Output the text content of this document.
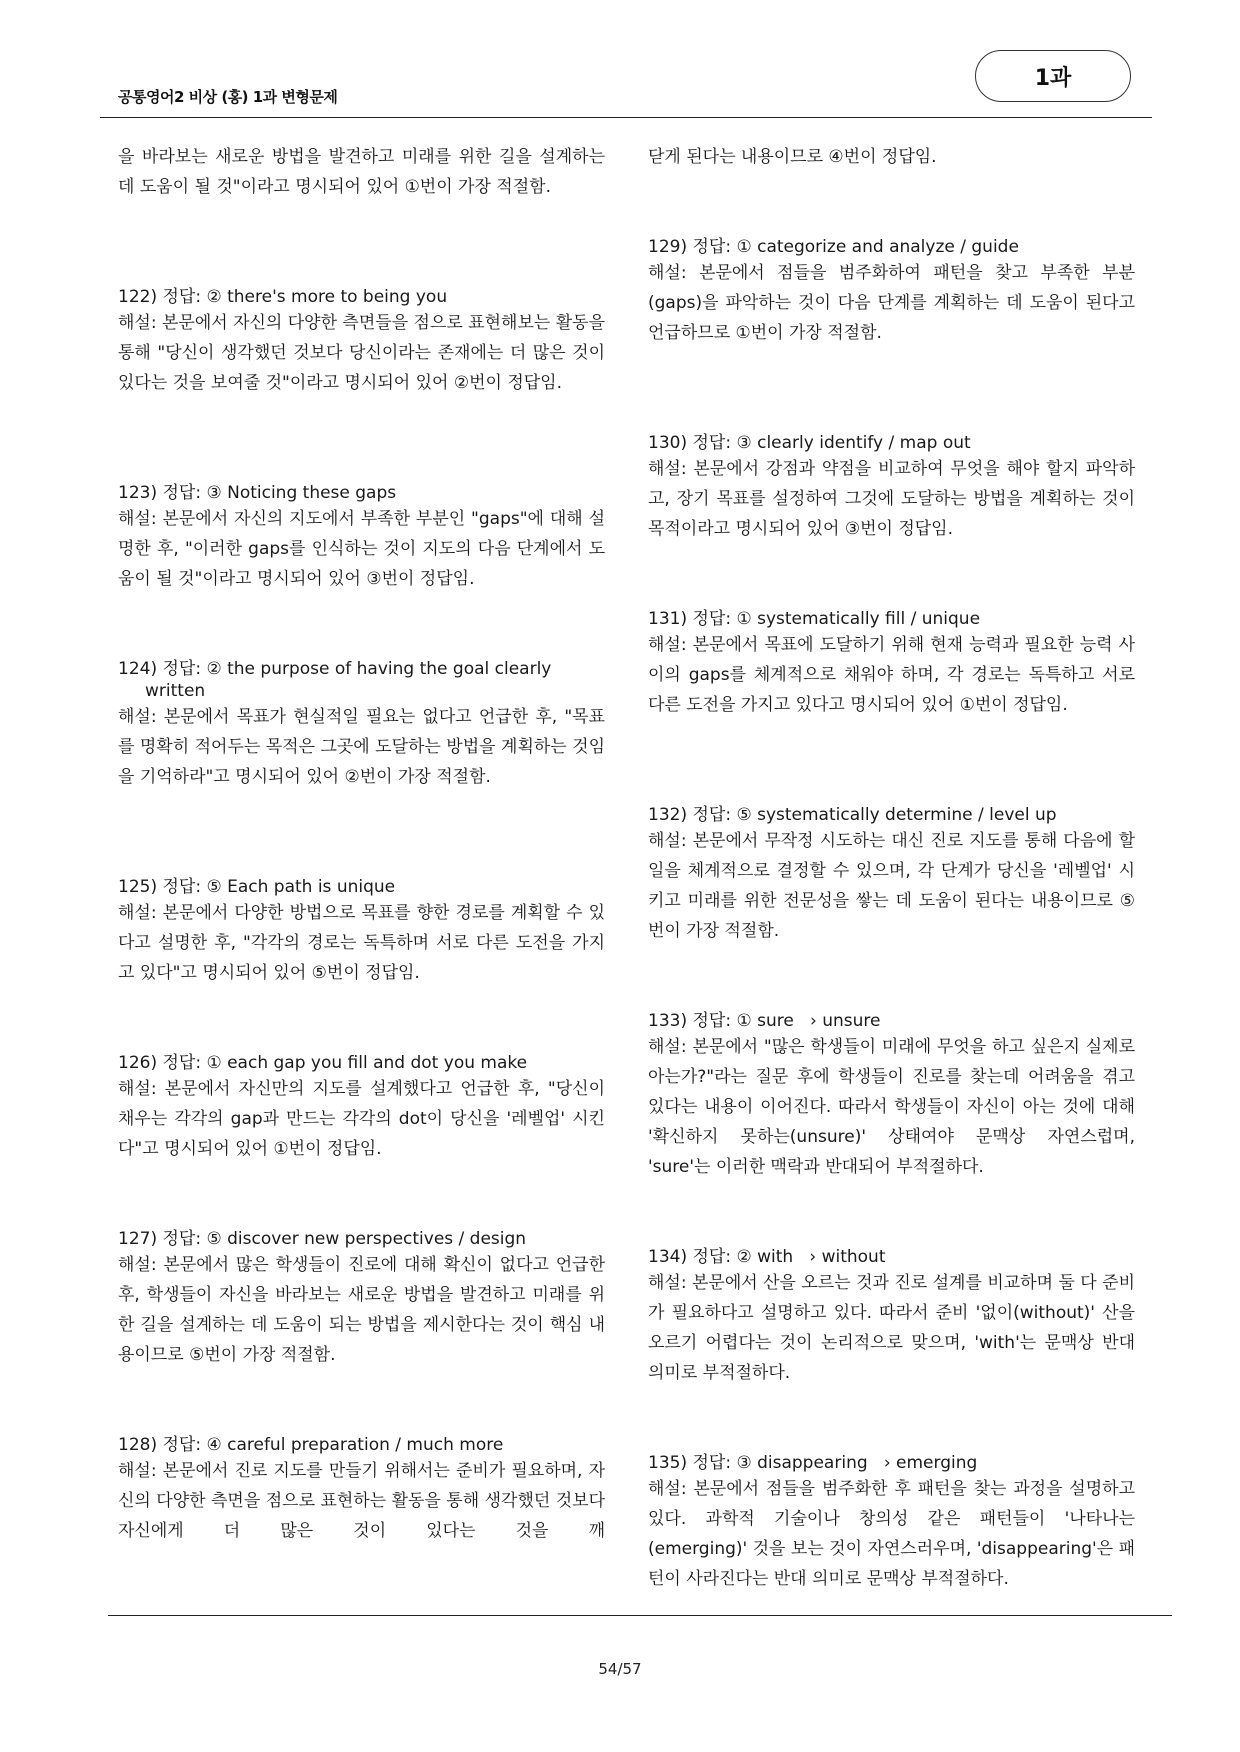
공통영어2 비상 (홍) 1과 변형문제
1과
을 바라보는 새로운 방법을 발견하고 미래를 위한 길을 설계하는 데 도움이 될 것"이라고 명시되어 있어 ①번이 가장 적절함.
122) 정답: ② there's more to being you
해설: 본문에서 자신의 다양한 측면들을 점으로 표현해보는 활동을 통해 "당신이 생각했던 것보다 당신이라는 존재에는 더 많은 것이 있다는 것을 보여줄 것"이라고 명시되어 있어 ②번이 정답임.
123) 정답: ③ Noticing these gaps
해설: 본문에서 자신의 지도에서 부족한 부분인 "gaps"에 대해 설명한 후, "이러한 gaps를 인식하는 것이 지도의 다음 단계에서 도움이 될 것"이라고 명시되어 있어 ③번이 정답임.
124) 정답: ② the purpose of having the goal clearly
written
해설: 본문에서 목표가 현실적일 필요는 없다고 언급한 후, "목표를 명확히 적어두는 목적은 그곳에 도달하는 방법을 계획하는 것임을 기억하라"고 명시되어 있어 ②번이 가장 적절함.
125) 정답: ⑤ Each path is unique
해설: 본문에서 다양한 방법으로 목표를 향한 경로를 계획할 수 있다고 설명한 후, "각각의 경로는 독특하며 서로 다른 도전을 가지고 있다"고 명시되어 있어 ⑤번이 정답임.
126) 정답: ① each gap you fill and dot you make
해설: 본문에서 자신만의 지도를 설계했다고 언급한 후, "당신이 채우는 각각의 gap과 만드는 각각의 dot이 당신을 '레벨업' 시킨다"고 명시되어 있어 ①번이 정답임.
127) 정답: ⑤ discover new perspectives / design
해설: 본문에서 많은 학생들이 진로에 대해 확신이 없다고 언급한 후, 학생들이 자신을 바라보는 새로운 방법을 발견하고 미래를 위한 길을 설계하는 데 도움이 되는 방법을 제시한다는 것이 핵심 내용이므로 ⑤번이 가장 적절함.
128) 정답: ④ careful preparation / much more
해설: 본문에서 진로 지도를 만들기 위해서는 준비가 필요하며, 자신의 다양한 측면을 점으로 표현하는 활동을 통해 생각했던 것보다 자신에게 더 많은 것이 있다는 것을 깨
닫게 된다는 내용이므로 ④번이 정답임.
129) 정답: ① categorize and analyze / guide
해설: 본문에서 점들을 범주화하여 패턴을 찾고 부족한 부분(gaps)을 파악하는 것이 다음 단계를 계획하는 데 도움이 된다고 언급하므로 ①번이 가장 적절함.
130) 정답: ③ clearly identify / map out
해설: 본문에서 강점과 약점을 비교하여 무엇을 해야 할지 파악하고, 장기 목표를 설정하여 그것에 도달하는 방법을 계획하는 것이 목적이라고 명시되어 있어 ③번이 정답임.
131) 정답: ① systematically fill / unique
해설: 본문에서 목표에 도달하기 위해 현재 능력과 필요한 능력 사이의 gaps를 체계적으로 채워야 하며, 각 경로는 독특하고 서로 다른 도전을 가지고 있다고 명시되어 있어 ①번이 정답임.
132) 정답: ⑤ systematically determine / level up
해설: 본문에서 무작정 시도하는 대신 진로 지도를 통해 다음에 할 일을 체계적으로 결정할 수 있으며, 각 단계가 당신을 '레벨업' 시키고 미래를 위한 전문성을 쌓는 데 도움이 된다는 내용이므로 ⑤번이 가장 적절함.
133) 정답: ① sure   › unsure
해설: 본문에서 "많은 학생들이 미래에 무엇을 하고 싶은지 실제로 아는가?"라는 질문 후에 학생들이 진로를 찾는데 어려움을 겪고 있다는 내용이 이어진다. 따라서 학생들이 자신이 아는 것에 대해 '확신하지 못하는(unsure)' 상태여야 문맥상 자연스럽며, 'sure'는 이러한 맥락과 반대되어 부적절하다.
134) 정답: ② with   › without
해설: 본문에서 산을 오르는 것과 진로 설계를 비교하며 둘 다 준비가 필요하다고 설명하고 있다. 따라서 준비 '없이(without)' 산을 오르기 어렵다는 것이 논리적으로 맞으며, 'with'는 문맥상 반대 의미로 부적절하다.
135) 정답: ③ disappearing   › emerging
해설: 본문에서 점들을 범주화한 후 패턴을 찾는 과정을 설명하고 있다. 과학적 기술이나 창의성 같은 패턴들이 '나타나는(emerging)' 것을 보는 것이 자연스러우며, 'disappearing'은 패턴이 사라진다는 반대 의미로 문맥상 부적절하다.
54/57
